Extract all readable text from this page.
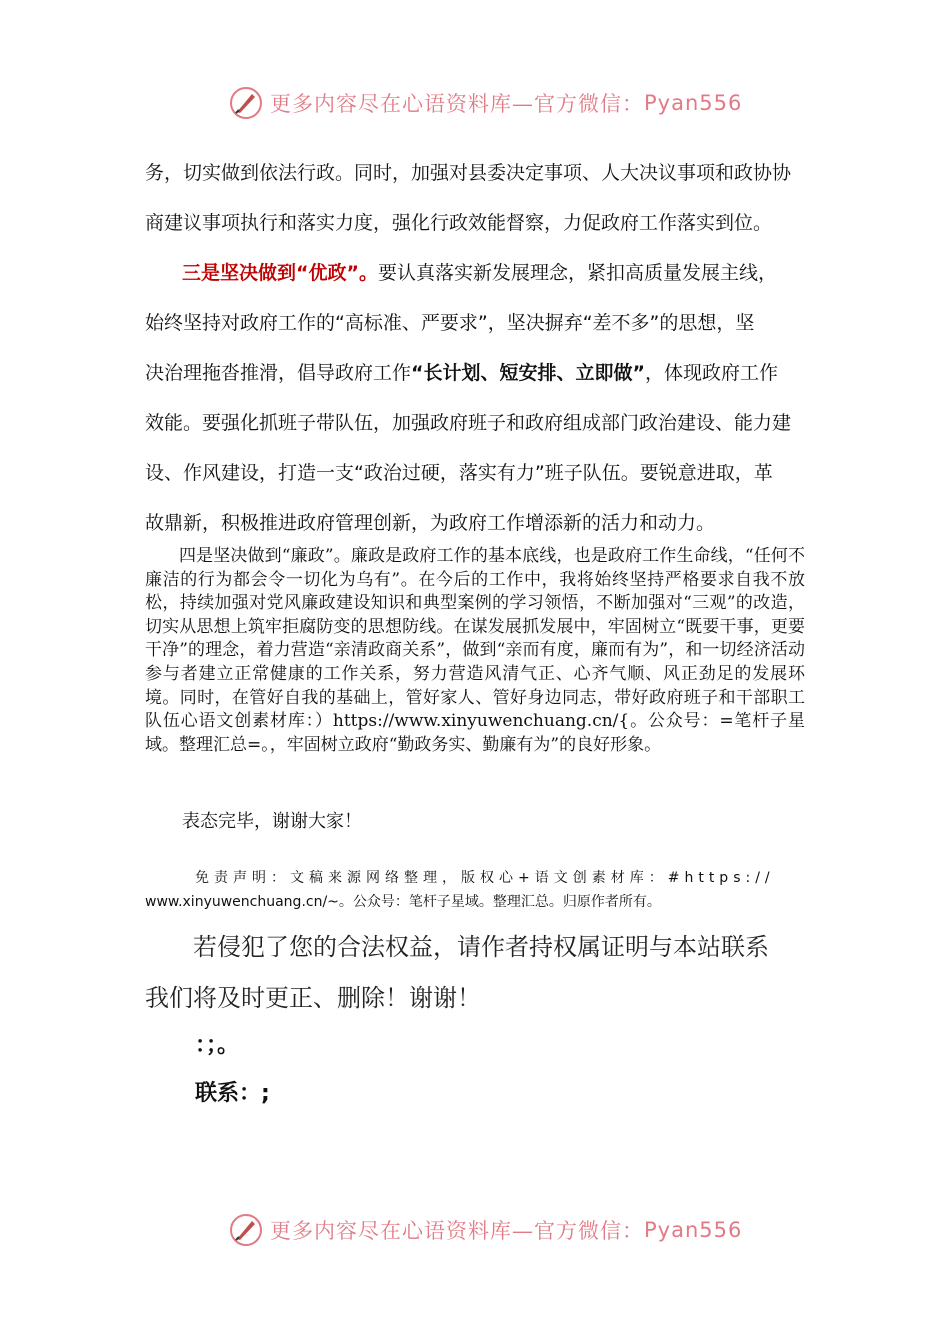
更多内容尽在心语资料库—官方微信： Pyan556
务，切实做到依法行政。同时，加强对县委决定事项、人大决议事项和政协协
商建议事项执行和落实力度，强化行政效能督察，力促政府工作落实到位。
三是坚决做到“优政”。要认真落实新发展理念，紧扣高质量发展主线，
始终坚持对政府工作的“高标准、严要求”，坚决摒弃“差不多”的思想，坚
决治理拖沓推滑，倡导政府工作“长计划、短安排、立即做”，体现政府工作
效能。要强化抓班子带队伍，加强政府班子和政府组成部门政治建设、能力建
设、作风建设，打造一支“政治过硬，落实有力”班子队伍。要锐意进取，革
故鼎新，积极推进政府管理创新，为政府工作增添新的活力和动力。
四是坚决做到“廉政”。廉政是政府工作的基本底线，也是政府工作生命线，“任何不廉洁的行为都会令一切化为乌有”。在今后的工作中，我将始终坚持严格要求自我不放松，持续加强对党风廉政建设知识和典型案例的学习领悟，不断加强对“三观”的改造，切实从思想上筑牢拒腐防变的思想防线。在谋发展抓发展中，牢固树立“既要干事，更要干净”的理念，着力营造“亲清政商关系”，做到“亲而有度，廉而有为”，和一切经济活动参与者建立正常健康的工作关系，努力营造风清气正、心齐气顺、风正劲足的发展环境。同时，在管好自我的基础上，管好家人、管好身边同志，带好政府班子和干部职工队伍心语文创素材库：）https://www.xinyuwenchuang.cn/{。公众号：=笔杆子星域。整理汇总=。，牢固树立政府“勤政务实、勤廉有为”的良好形象。
表态完毕，谢谢大家！
免责声明：文稿来源网络整理，版权心+语文创素材库：#https://
www.xinyuwenchuang.cn/~。公众号：笔杆子星域。整理汇总。归原作者所有。
若侵犯了您的合法权益，请作者持权属证明与本站联系
我们将及时更正、删除！谢谢！
：；。
联系：;
更多内容尽在心语资料库—官方微信： Pyan556
